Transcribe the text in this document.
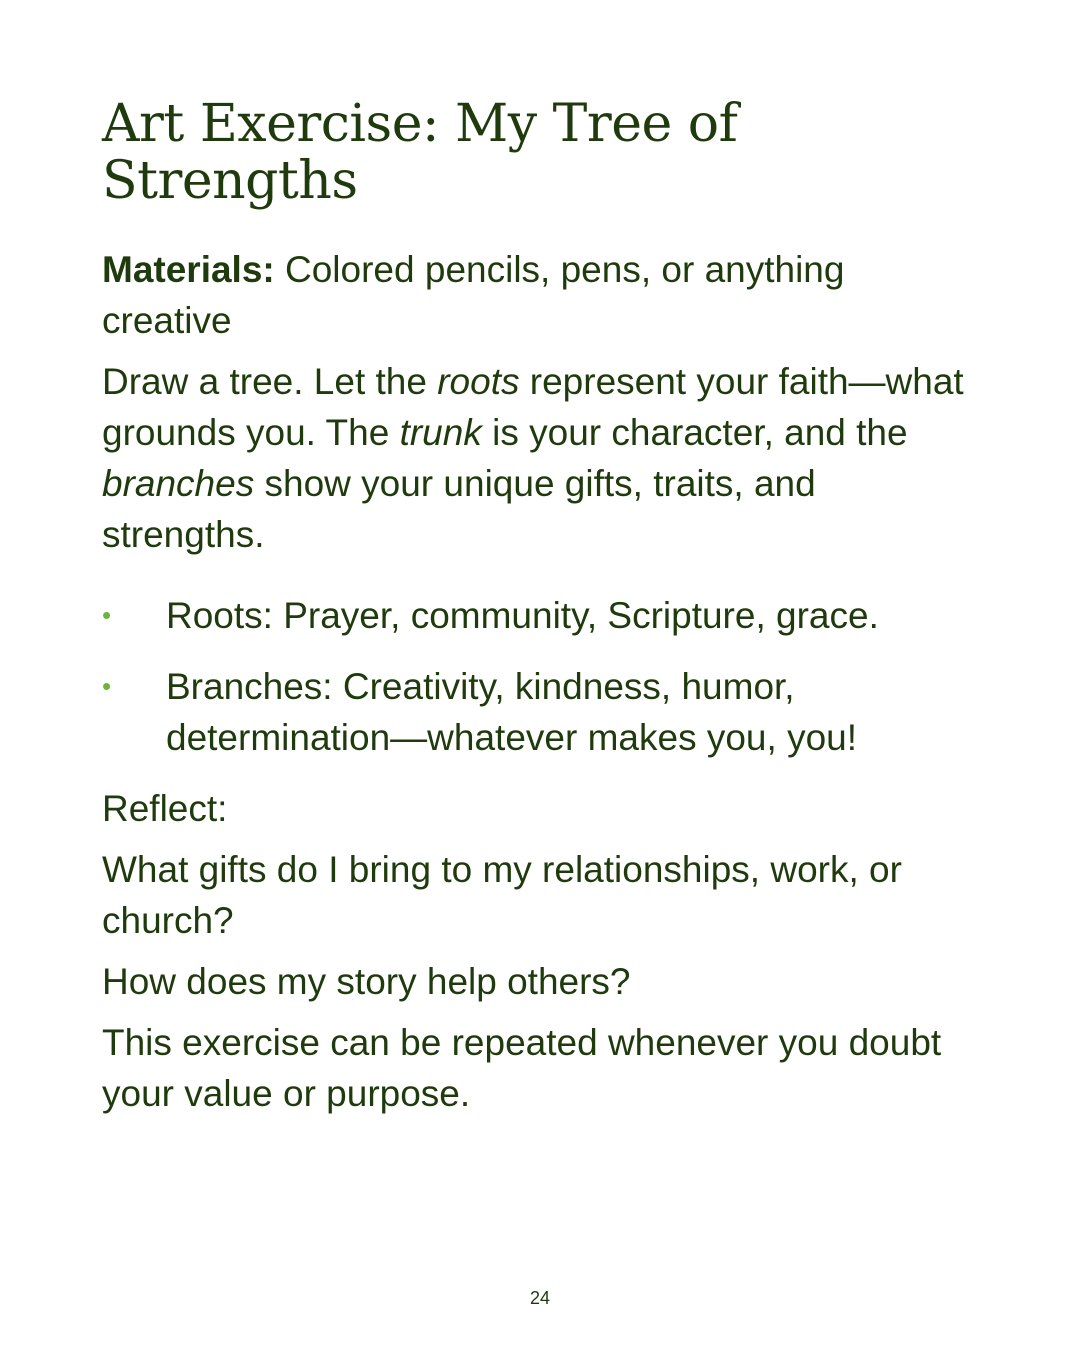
Art Exercise: My Tree of Strengths

Materials: Colored pencils, pens, or anything creative

Draw a tree. Let the roots represent your faith—what grounds you. The trunk is your character, and the branches show your unique gifts, traits, and strengths.

• Roots: Prayer, community, Scripture, grace.
• Branches: Creativity, kindness, humor, determination—whatever makes you, you!

Reflect:

What gifts do I bring to my relationships, work, or church?

How does my story help others?

This exercise can be repeated whenever you doubt your value or purpose.

24
